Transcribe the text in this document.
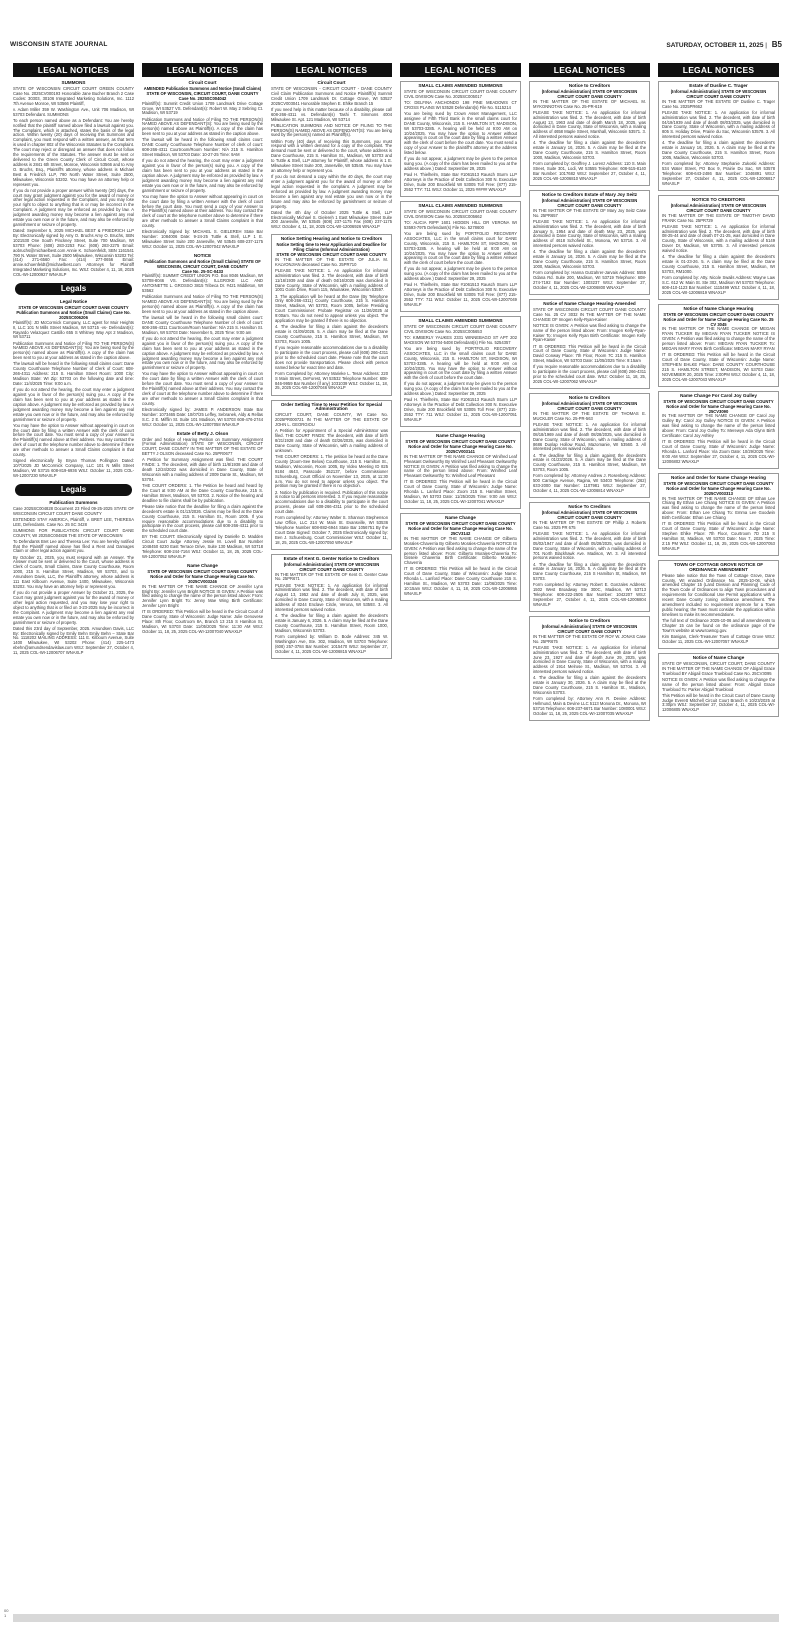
WISCONSIN STATE JOURNAL	SATURDAY, OCTOBER 11, 2025 | B5
LEGAL NOTICES
SUMMONS

STATE OF WISCONSIN CIRCUIT COURT GREEN COUNTY Case No. 2025CV000193 Honorable Jane Bucher Branch 2 Case Codes: 30303, 30106 Integrated Marketing Solutions, Inc. 1112 7th Avenue Monroe, WI 53566 Plaintiff,

v. Adam Miller 359 W. Washington Ave., Unit 706 Madison, WI 53703 Defendant. SUMMONS

To each person named above as a Defendant: You are hereby notified that the plaintiff named above filed a lawsuit against you. The Complaint, which is attached, states the basis of the legal action. Within twenty (20) days of receiving this Summons and Complaint, you must respond with a written answer, as that term is used in chapter 802 of the Wisconsin Statutes to the Complaint. The court may reject or disregard an answer that does not follow the requirements of the Statutes. The answer must be sent or delivered to the Green County Clerk of Circuit Court, whose address is 2841 6th Street, Monroe, Wisconsin 53566 and to Amy O. Bruchs, Esq., Plaintiff's attorney, whose address is Michael Best & Friedrich LLP, 790 North Water Street, Suite 2500, Milwaukee, Wisconsin 53202. You may have an attorney help or represent you.

If you do not provide a proper answer within twenty (20) days, the court may grant judgment against you for the award of money or other legal action requested in the Complaint, and you may lose your right to object to anything that is or may be incorrect in the Complaint. A judgment may be enforced as provided by law. A judgment awarding money may become a lien against any real estate you own now or in the future, and may also be enforced by garnishment or seizure of property.

Dated: September 5, 2025 MICHAEL BEST & FRIEDRICH LLP By: Electronically signed by Amy O. Bruchs Amy O. Bruchs, SBN 1021530 One South Pinckney Street, Suite 700 Madison, WI 53703 Phone: (608) 283-2253 Fax: (608) 283-2275 Email: aobruchs@michaelbest.com Annie K. Schoenfeldt, SBN 1161541 790 N. Water Street, Suite 2500 Milwaukee, Wisconsin 53202 Tel: (414) 271-6560 Fax: (414) 277-0656 Email: annie.schoenfeldt@michaelbest.com Attorneys for Plaintiff Integrated Marketing Solutions, Inc. WSJ: October 4, 11, 18, 2025 COL-WI-12000927 WNAXLP

Legals
Legal Notice
STATE OF WISCONSIN CIRCUIT COURT DANE COUNTY
Publication Summons and Notice (Small Claims) Case No. 2025SC006206

Plaintiff(s): JD McCormick Company, LLC agent for Muir Heights II, LLC 101 N Mills Street Madison, WI 53715 -vs- Defendant(s): Rayardo Velazquez Castillo 655 S Whitney Way Apt 2 Madison, WI 53711

Publication Summons and Notice of Filing TO THE PERSON(S) NAMED ABOVE AS DEFENDANT(S): You are being sued by the person(s) named above as Plaintiff(s). A copy of the claim has been sent to you at your address as stated in the caption above.

The lawsuit will be heard in the following small claims court: Dane County Courthouse Telephone Number of Clerk of Court: 608-266-4311 Address: 215 S. Hamilton Street Room: 1000 City: Madison State: WI Zip: 53703 on the following date and time: Date: 11/4/2025 Time: 9:00 a.m.

If you do not attend the hearing, the court may enter a judgment against you in favor of the person(s) suing you. A copy of the claim has been sent to you at your address as stated in the caption above. A judgment may be enforced as provided by law. A judgment awarding money may become a lien against any real estate you own now or in the future, and may also be enforced by garnishment or seizure of property.

You may have the option to Answer without appearing in court on the court date by filing a written Answer with the clerk of court before the court date. You must send a copy of your Answer to the Plaintiff(s) named above at their address. You may contact the clerk of court at the telephone number above to determine if there are other methods to answer a Small Claims complaint in that county.

Signed electronically by Bryan Thomas Pollington Dated: 10/7/2025 JD McCormick Company, LLC 101 N Mills Street Madison, WI 53715 608-819-6936 WSJ: October 11, 2025 COL-WI-12007230 WNAXLP

Legals
Publication Summons

Case 2025SC004828 Document 23 Filed 09-25-2025 STATE OF WISCONSIN CIRCUIT COURT DANE COUNTY

EXTENDED STAY AMERICA, Plaintiff, v. BRET LEE, THERESA LEE, Defendants. Case No. 25 SC 3428

SUMMONS FOR PUBLICATION CIRCUIT COURT DANE COUNTY, WI 2025SC004828 THE STATE OF WISCONSIN

To Defendants Bret Lee and Theresa Lee: You are hereby notified that the Plaintiff named above has filed a Rent and Damages Claim or other legal action against you.

By October 21, 2025, you must respond with an Answer. The Answer must be sent or delivered to the Court, whose address is Clerk of Courts, Small Claims, Dane County Courthouse, Room 1000, 215 S. Hamilton Street, Madison, WI 53703, and to Amundsen Davis, LLC, the Plaintiff's attorney, whose address is 111 East Kilbourn Avenue, Suite 1400, Milwaukee, Wisconsin 53202. You may have an attorney help or represent you.

If you do not provide a proper Answer by October 21, 2025, the Court may grant judgment against you for the award of money or other legal action requested, and you may lose your right to object to anything that is or filed on 3-23-2025 may be incorrect in the Complaint. A judgment may become a lien against any real estate you own now or in the future, and may also be enforced by garnishment or seizure of property.

Dated this 23rd day of September, 2025. Amundsen Davis, LLC By: Electronically signed by Emily Behn Emily Behn – State Bar No. 1118202 MAILING ADDRESS: 111 E. Kilbourn Avenue, Suite 1400 Milwaukee, WI 53202 Phone: (414) 225-1473 ebehn@amundsendavislaw.com WSJ: September 27, October 4, 11, 2025 COL-WI-12006707 WNAXLP

LEGAL NOTICES
Circuit Court
AMENDED Publication Summons and Notice (Small Claims) STATE OF WISCONSIN, CIRCUIT COURT, DANE COUNTY
Case No. 2025SC004042

Plaintiff(s): Summit Credit Union 1709 Landmark Drive Cottage Grove, WI 53527 VS. Defendant(s): Robert W. May 2 Sebring Ct. Madison, WI 53719

Publication Summons and Notice of Filing TO THE PERSON(S) NAMED ABOVE AS DEFENDANT(S): You are being sued by the person(s) named above as Plaintiff(s). A copy of the claim has been sent to you at your address as stated in the caption above.

The lawsuit will be heard in the following small claims court: DANE County Courthouse Telephone Number of clerk of court: 608-266-4311 Courtroom/Room Number: N/A 215 S. Hamilton Street Madison, WI 53703 Date: 10-27-25 Time: 9AM

If you do not attend the hearing, the court may enter a judgment against you in favor of the person(s) suing you. A copy of the claim has been sent to you at your address as stated in the caption above. A judgment may be enforced as provided by law. A judgment awarding money may become a lien against any real estate you own now or in the future, and may also be enforced by garnishment or seizure of property.

You may have the option to Answer without appearing in court on the court date by filing a written Answer with the clerk of court before the court date. You must send a copy of your Answer to the Plaintiff(s) named above at their address. You may contact the clerk of court at the telephone number above to determine if there are other methods to answer a Small Claims complaint in that county.

Electronically Signed by: MICHAEL S. GIELEREH State Bar Number: 1084006 Date: 9-24-25 Tuttle & Stell, LLP 1 E. Milwaukee Street Suite 200 Janesville, WI 53545 608-237-1175 WSJ: October 11, 2025 COL-WI-12007042 WNAXLP

NOTICE
Publication Summons and Notice (Small Claims) STATE OF WISCONSIN, CIRCUIT COURT, DANE COUNTY
Case No. 25-SC-0433

Plaintiff(s): SUMMIT CREDIT UNION P.O. Box 8046 Madison, WI 53708-8046 VS. Defendant(s): ILLGROKE LLC AND ANTOINETTE L. GROSSO 3815 Tribeca Dr. #421 Middleton, WI 53562

Publication Summons and Notice of Filing TO THE PERSON(S) NAMED ABOVE AS DEFENDANT(S): You are being sued by the person(s) named above as Plaintiff(s). A copy of the claim has been sent to you at your address as stated in the caption above.

The lawsuit will be heard in the following small claims court: DANE County Courthouse Telephone Number of clerk of court: 608-266-4311 Courtroom/Room Number: N/A 215 S. Hamilton St. Madison, WI 53703 Date: November 5, 2025 Time: 9:00 am

If you do not attend the hearing, the court may enter a judgment against you in favor of the person(s) suing you. A copy of the claim has been sent to you at your address as stated in the caption above. A judgment may be enforced as provided by law. A judgment awarding money may become a lien against any real estate you own now or in the future, and may also be enforced by garnishment or seizure of property.

You may have the option to Answer without appearing in court on the court date by filing a written Answer with the clerk of court before the court date. You must send a copy of your Answer to the Plaintiff(s) named above at their address. You may contact the clerk of court at the telephone number above to determine if there are other methods to answer a Small Claims complaint in that county.

Electronically signed by: JAMES P. ANDERSON State Bar Number: 1073465 Date: 10/07/25 Leffey, Sebranek, Aldy & Rellas S.C. 2 E. Mifflin St. Suite 101 Madison, WI 53703 608-476-2744 WSJ: October 11, 2025 COL-WI-12007058 WNAXLP

Estate of Betty J. Olson

Order and Notice of Hearing Petition on Summary Assignment (Formal Administration) STATE OF WISCONSIN, CIRCUIT COURT, DANE COUNTY IN THE MATTER OF THE ESTATE OF BETTY J OLSON deceased Case No. 25PR0677

A Petition for Summary Assignment was filed. THE COURT FINDS: 1. The decedent, with date of birth 11/8/1938 and date of death 12/24/2022 was domiciled in Dane County, State of Wisconsin with a mailing address of 2009 Dante St., Madison, WI 53704.

THE COURT ORDERS: 1. The Petition be heard and heard by the Court at 9:00 AM at the Dane County Courthouse, 215 S. Hamilton Street, Madison, WI 53703. 2. Notice of the hearing and deadline to file claims shall be by publication.

Please take notice that the deadline for filing a claim against the decedent's estate is 01/13/2026. Claims may be filed at the Dane County Courthouse, 215 S. Hamilton St., Room 1005. If you require reasonable accommodations due to a disability to participate in the court process, please call 608-266-4311 prior to the scheduled court date.

BY THE COURT: Electronically signed by Danielle D. Madden Circuit Court Judge Attorney Jessie M. Lovell Bar Number 1048450 6230 East Terrace Drive, Suite 130 Madison, WI 53718 Telephone: 608-244-7164 WSJ: October 11, 18, 25, 2025 COL-WI-12007052 WNAXLP

Name Change
STATE OF WISCONSIN CIRCUIT COURT DANE COUNTY Notice and Order for Name Change Hearing Case No. 2025CV003246

IN THE MATTER OF THE NAME CHANGE OF Jennifer Lynn Bright By: Jennifer Lynn Bright NOTICE IS GIVEN: A Petition was filed asking to change the name of the person listed above: From: Jennifer Lynn Bright To: Jenny Mae Wing Birth Certificate: Jennifer Lynn Bright

IT IS ORDERED: This Petition will be heard in the Circuit Court of Dane County, State of Wisconsin: Judge Name: Julie Genovese Place: 8th Floor, Courtroom 8A, Branch 13 215 S Hamilton St, Madison, WI 53703 Date: 11/05/2025 Time: 11:30 AM WSJ: October 11, 18, 25, 2025 COL-WI-12007040 WNAXLP

LEGAL NOTICES
Circuit Court

STATE OF WISCONSIN - CIRCUIT COURT - DANE COUNTY Civil Claim Publication Summons and Notice Plaintiff(s) Summit Credit Union 1709 Landmark Dr. Cottage Grove, WI 53527 2025CV003041 Honorable Stephen E. Ehlke Branch 15

If you need help in this matter because of a disability, please call 608-266-4311 vs. Defendant(s) Tashi T. Simmons 4004 Milwaukee St. Apt. 121 Madison, WI 53714

PUBLICATION SUMMONS AND NOTICE OF FILING TO THE PERSON(S) NAMED ABOVE AS DEFENDANT(S): You are being sued by the person(s) named as Plaintiff(s).

Within Forty (40) days of receiving this Summons, you must respond with a written demand for a copy of the complaint. The demand must be sent or delivered to the court, whose address is Dane Courthouse, 215 S. Hamilton St., Madison, WI 53703 and to Tuttle & Stell, LLP attorney for Plaintiff, whose address is 1 E. Milwaukee Street Suite 200, Janesville, WI 53545. You may have an attorney help or represent you.

If you do not demand a copy within the 40 days, the court may enter a judgment against you for the award of money or other legal action requested in the complaint. A judgment may be enforced as provided by law. A judgment awarding money may become a lien against any real estate you own now or in the future and may also be enforced by garnishment or seizure of property.

Dated the 4th day of October 2025 Tuttle & Stell, LLP Electronically Michael S. Gielereh 1 East Milwaukee Street Suite 200 Janesville, WI 53545 (608) 237-1175 Fax (608) 237-1175 WSJ: October 4, 11, 18, 2025 COL-WI-12006926 WNAXLP

Notice Setting Hearing and Notice to Creditors
Notice Setting time to Hear Application and Deadline for Filing Claims (Informal Administration)
STATE OF WISCONSIN CIRCUIT COURT DANE COUNTY

IN THE MATTER OF THE ESTATE OF JULIA M. KALVONJIAN deceased Case No. 25PR710

PLEASE TAKE NOTICE: 1. An application for informal administration was filed. 2. The decedent, with date of birth 11/16/1939 and date of death 04/16/2025 was domiciled in Dane County, State of Wisconsin, with a mailing address of 1001 Gorin Drive, Room 115, Waunakee, Wisconsin 53597.

3. The application will be heard at the Dane (By Telephone Only 608-266-4311) County Courthouse, 215 S. Hamilton Street, Madison, WI 53703, Room 1005, before Presiding Court Commissioner: Probate Registrar on 11/26/2025 at 9:00am. You do not need to appear unless you object. The application may be granted if there is no objection.

4. The deadline for filing a claim against the decedent's estate is 01/09/2026. 5. A claim may be filed at the Dane County Courthouse, 215 S. Hamilton Street, Madison, WI 53703, Room 1005.

If you require reasonable accommodations due to a disability to participate in the court process, please call (608) 266-4311 prior to the scheduled court date. Please note that the court does not provide transportation. Please check with person named below for exact time and date.

Form Completed by: Attorney Marieke L. Tesar Address: 220 S Main Street, DeForest, WI 53532 Telephone Number: 608-846-9959 Bar Number (if any) 1031039 WSJ: October 11, 18, 25, 2025 COL-WI-12007046 WNAXLP

Order Setting Time to Hear Petition for Special Administration

CIRCUIT COURT, DANE COUNTY, WI Case No. 2025PR000721 IN THE MATTER OF THE ESTATE OF JOHN L. GEORGIOU

A Petition for Appointment of a Special Administrator was filed. THE COURT FINDS: The decedent, with date of birth 8/21/1928 and date of death 02/26/2025, was domiciled in Dane County, State of Wisconsin, with a mailing address of unknown.

THE COURT ORDERS: 1. The petition be heard at the Dane County (Zoom-See Below) Courthouse, 215 S. Hamilton St., Madison, Wisconsin, Room 1005, By Video Meeting ID 825 9184 4643, Passcode 352137, before Commissioner Schuenburg, Court Official on November 13, 2025, at 11:30 a.m. You do not need to appear unless you object. The petition may be granted if there is no objection.

2. Notice by publication is required. Publication of this notice is notice to all persons interested. 3. If you require reasonable accommodations due to a disability to participate in the court process, please call 608-266-4311 prior to the scheduled court date.

Form completed by: Attorney Walter S. Shannon Stephenson Law Office, LLC 214 W. Main St. Evansville, WI 53536 Telephone Number 608-882-6944 State Bar 1056751 By the Court Date Signed: October 7, 2025 Electronically signed by: Ben J. Schuenburg, Court Commissioner WSJ: October 11, 18, 25, 2025 COL-WI-12007050 WNAXLP

Estate of Kent G. Genter Notice to Creditors
(Informal Administration) STATE OF WISCONSIN CIRCUIT COURT DANE COUNTY

IN THE MATTER OF THE ESTATE OF Kent G. Genter Case No. 25PR671

PLEASE TAKE NOTICE: 1. An application for informal administration was filed. 2. The decedent, with date of birth August 13, 1952 and date of death July 8, 2025, was domiciled in Dane County, State of Wisconsin, with a mailing address of 8244 Enclave Circle, Verona, WI 53593. 3. All interested persons waived notice.

4. The deadline for filing a claim against the decedent's estate is January 6, 2026. 5. A claim may be filed at the Dane County Courthouse, 215 S. Hamilton Street, Room 1000, Madison, Wisconsin 53703.

Form completed by: William D. Bode Address: 345 W. Washington Ave, Ste. 302, Madison, WI 53703 Telephone: (608) 257-3784 Bar Number: 1015470 WSJ: September 27, October 4, 11, 2025 COL-WI-12006815 WNAXLP

LEGAL NOTICES
SMALL CLAIMS AMENDED SUMMONS

STATE OF WISCONSIN CIRCUIT COURT DANE COUNTY CIVIL DIVISION Case No. 2025SC005017

TO: DELFINA ANCHONDO 198 PINE MEADOWS CT CROSS PLAINS WI 53528 Defendant(s) File No. 5115214

You are being sued by Crown Asset Management, LLC assignee of Fifth Third Bank in the small claims court for DANE County, Wisconsin, 215 S. HAMILTON ST, MADISON, WI 53703-3285. A hearing will be held at 9:00 AM on 10/24/2025. You may have the option to Answer without appearing in court on the court date by filing a written Answer with the clerk of court before the court date. You must send a copy of your Answer to the plaintiff's attorney at the address listed below.

If you do not appear, a judgment may be given to the person suing you. (A copy of the claim has been mailed to you at the address above.) Dated: September 29, 2025

Paul H. Thielhelm, State Bar #1061513 Rausch Sturm LLP Attorneys in the Practice of Debt Collection 300 N. Executive Drive, Suite 200 Brookfield WI 53005 Toll Free: (877) 215-2552 TTY: 711 WSJ: October 11, 2025 ##### WNAXLP

SMALL CLAIMS AMENDED SUMMONS

STATE OF WISCONSIN CIRCUIT COURT DANE COUNTY CIVIL DIVISION Case No. 2025SC005662

TO: ALICIA RIPP 1601 HIDDEN HILL DR VERONA WI 53593-7975 Defendant(s) File No. 5278600

You are being sued by PORTFOLIO RECOVERY ASSOCIATES, LLC in the small claims court for DANE County, Wisconsin, 215 S. HAMILTON ST, MADISON, WI 53703-3285. A hearing will be held at 9:00 AM on 10/24/2025. You may have the option to Answer without appearing in court on the court date by filing a written Answer with the clerk of court before the court date.

If you do not appear, a judgment may be given to the person suing you. (A copy of the claim has been mailed to you at the address above.) Dated: September 29, 2025

Paul H. Thielhelm, State Bar #1061513 Rausch Sturm LLP Attorneys in the Practice of Debt Collection 300 N. Executive Drive, Suite 200 Brookfield WI 53005 Toll Free: (877) 215-2552 TTY: 711 WSJ: October 11, 2025 COL-WI-12007049 WNAXLP

SMALL CLAIMS AMENDED SUMMONS

STATE OF WISCONSIN CIRCUIT COURT DANE COUNTY CIVIL DIVISION Case No. 2025SC005653

TO: KIMBERLY YAUKES 2331 WINNEBAGO ST APT 202 MADISON WI 53704-5408 Defendant(s) File No. 5254357

You are being sued by PORTFOLIO RECOVERY ASSOCIATES, LLC in the small claims court for DANE County, Wisconsin, 215 S. HAMILTON ST, MADISON, WI 53703-3285. A hearing will be held at 9:00 AM on 10/24/2025. You may have the option to Answer without appearing in court on the court date by filing a written Answer with the clerk of court before the court date.

If you do not appear, a judgment may be given to the person suing you. (A copy of the claim has been mailed to you at the address above.) Dated: September 29, 2025

Paul H. Thielhelm, State Bar #1061513 Rausch Sturm LLP Attorneys in the Practice of Debt Collection 300 N. Executive Drive, Suite 200 Brookfield WI 53005 Toll Free: (877) 215-2552 TTY: 711 WSJ: October 11, 2025 COL-WI-12007051 WNAXLP

Name Change Hearing
STATE OF WISCONSIN CIRCUIT COURT DANE COUNTY Notice and Order for Name Change Hearing Case No. 2025CV003141

IN THE MATTER OF THE NAME CHANGE OF Winifred Leaf Pheasant Owlsworthy By Winifred Leaf Pheasant Owlsworthy NOTICE IS GIVEN: A Petition was filed asking to change the name of the person listed above: From: Winifred Leaf Pheasant Owlsworthy To: Winifred Leaf Pheasant

IT IS ORDERED: This Petition will be heard in the Circuit Court of Dane County, State of Wisconsin: Judge Name: Rhonda L. Lanford Place: Zoom 215 S. Hamilton Street, Madison, WI 53703 Date: 11/25/2025 Time: 9:00 am WSJ: October 11, 18, 25, 2025 COL-WI-12007041 WNAXLP

Name Change
STATE OF WISCONSIN CIRCUIT COURT DANE COUNTY Notice and Order for Name Change Hearing Case No. 25CV3142

IN THE MATTER OF THE NAME CHANGE OF Gilberto Morales-Chaverria By Gilberto Morales-Chaverria NOTICE IS GIVEN: A Petition was filed asking to change the name of the person listed above: From: Gilberto Morales-Chaverria To: Gissele Chaverria Birth Certificate: Gilberto Morales-Chaverria

IT IS ORDERED: This Petition will be heard in the Circuit Court of Dane County, State of Wisconsin: Judge Name: Rhonda L. Lanford Place: Dane County Courthouse 215 S. Hamilton St., Madison, WI 53703 Date: 11/06/2025 Time: 10:15am WSJ: October 4, 11, 18, 2025 COL-WI-12006955 WNAXLP

LEGAL NOTICES
Notice to Creditors
(Informal Administration) STATE OF WISCONSIN CIRCUIT COURT DANE COUNTY

IN THE MATTER OF THE ESTATE OF MICHAEL M. MYKONNOTAN Case No. 25-PR-619

PLEASE TAKE NOTICE: 1. An application for informal administration was filed. 2. The decedent, with date of birth August 13, 1963 and date of death March 18, 2025, was domiciled in Dane County, State of Wisconsin, with a mailing address of 4658 Maple Street, Marshall, Wisconsin 53571. 3. All interested persons waived notice.

4. The deadline for filing a claim against the decedent's estate is January 16, 2026. 5. A claim may be filed at the Dane County Courthouse, 215 S. Hamilton Street, Room 1000, Madison, Wisconsin 53703.

Form completed by: Geoffrey J. Lorenz Address: 110 S. Main Street, Suite 301, Lodi, WI 53555 Telephone: 608-515-8140 Bar Number: 1017682 WSJ: September 27, October 4, 11, 2025 COL-WI-12006810 WNAXLP

Notice to Creditors Estate of Mary Joy Seitz
(Informal Administration) STATE OF WISCONSIN CIRCUIT COURT DANE COUNTY

IN THE MATTER OF THE ESTATE OF Mary Joy Seitz Case No. 25PR657

PLEASE TAKE NOTICE: 1. An application for informal administration was filed. 2. The decedent, with date of birth January 5, 1954 and date of death May 23, 2025, was domiciled in Dane County, State of Wisconsin, with a mailing address of 4618 Schofield St., Monona, WI 53716. 3. All interested persons waived notice.

4. The deadline for filing a claim against the decedent's estate is January 16, 2026. 5. A claim may be filed at the Dane County Courthouse, 215 S. Hamilton Street, Room 1000, Madison, Wisconsin 53703.

Form completed by: Hanna Gutzahrer-Jarvais Address: 5555 Odana Rd. Suite 200, Madison, WI 53719 Telephone: 608-274-7192 Bar Number: 1003237 WSJ: September 27, October 4, 11, 2025 COL-WI-12006800 WNAXLP

Notice of Name Change Hearing-Amended

STATE OF WISCONSIN CIRCUIT COURT DANE COUNTY Case No. 25 CV 3032 IN THE MATTER OF THE NAME CHANGE OF Imogen Kelly-Ryan-Kaiser

NOTICE IS GIVEN: A Petition was filed asking to change the name of the person listed above: From: Imogen Kelly-Ryan-Kaiser To: Imogen Kelly Ryan Birth Certificate: Imogen Kelly Ryan-Kaiser

IT IS ORDERED: This Petition will be heard in the Circuit Court of Dane County, State of Wisconsin: Judge Name: David Conway Place: 7th Floor, Room 7C 215 S. Hamilton Street, Madison, WI 53703 Date: 11/05/2025 Time: 9:15am

If you require reasonable accommodations due to a disability to participate in the court process, please call (608) 266-4311 prior to the scheduled court date. WSJ: October 11, 18, 25, 2025 COL-WI-12007062 WNAXLP

Notice to Creditors
(Informal Administration) STATE OF WISCONSIN CIRCUIT COURT DANE COUNTY

IN THE MATTER OF THE ESTATE OF THOMAS E. MUCKLER Case No. 25-PR-563

PLEASE TAKE NOTICE: 1. An application for informal administration was filed. 2. The decedent, with date of birth 08/18/1969 and date of death 08/28/2025, was domiciled in Dane County, State of Wisconsin, with a mailing address of 8686 Dunlap Hollow Road, Mazomanie, WI 53560. 3. All interested persons waived notice.

4. The deadline for filing a claim against the decedent's estate is 01/23/2026. 5. A claim may be filed at the Dane County Courthouse, 215 S. Hamilton Street, Madison, WI 53703, Room 1005.

Form completed by: Attorney Andrew J. Rosenberg Address: 500 Carriage Avenue, Ragina, WI 53403 Telephone: (262) 633-2000 Bar Number: 1107981 WSJ: September 27, October 4, 11, 2025 COL-WI-12006814 WNAXLP

Notice To Creditors
(Informal Administration) STATE OF WISCONSIN CIRCUIT COURT DANE COUNTY

IN THE MATTER OF THE ESTATE OF Phillip J. Roberts Case No. 2025 PR 675

PLEASE TAKE NOTICE: 1. An application for informal administration was filed. 2. The decedent, with date of birth 05/02/1947 and date of death 05/28/2025, was domiciled in Dane County, State of Wisconsin, with a mailing address of 701 North Blackhawk Ave. Madison, WI. 3. All interested persons waived notice.

4. The deadline for filing a claim against the decedent's estate is January 16, 2026. 5. A claim may be filed at the Dane County Courthouse, 215 S Hamilton St, Madison, WI 53703.

Form completed by: Attorney Robert E. Gonzales Address: 1502 West Broadway Ste 300C, Madison, WI 53713 Telephone: 608-222-2505 Bar Number: 1042207 WSJ: September 27, October 4, 11, 2025 COL-WI-12006804 WNAXLP

Notice to Creditors
(Informal Administration) STATE OF WISCONSIN CIRCUIT COURT DANE COUNTY

IN THE MATTER OF THE ESTATE OF ROY W. JONAS Case No. 25PR675

PLEASE TAKE NOTICE: 1. An application for informal administration was filed. 2. The decedent, with date of birth June 23, 1927 and date of death June 29, 2025, was domiciled in Dane County, State of Wisconsin, with a mailing address of 1914 Melrose St., Madison, WI 53704. 3. All interested persons waived notice.

4. The deadline for filing a claim against the decedent's estate is January 30, 2026. 5. A claim may be filed at the Dane County Courthouse, 215 S. Hamilton St., Madison, Wisconsin 53703.

Form completed by: Attorney Ann R. Devine Address: Hellmund, Main & Devine LLC 5113 Monona Dr., Monona, WI 53716 Telephone: 608-237-6671 Bar Number: 1080001 WSJ: October 11, 18, 25, 2025 COL-WI-12007035 WNAXLP

LEGAL NOTICES
Estate of Dusline C. Trager
(Informal Administration) STATE OF WISCONSIN CIRCUIT COURT DANE COUNTY

IN THE MATTER OF THE ESTATE OF Dusline C. Trager Case No. 2025PR662

PLEASE TAKE NOTICE: 1. An application for informal administration was filed. 2. The decedent, with date of birth 04/19/1939 and date of death 08/03/2025, was domiciled in Dane County, State of Wisconsin, with a mailing address of 805 S. Holiday Drive, Prairie du Sac, Wisconsin 53578. 3. All interested persons waived notice.

4. The deadline for filing a claim against the decedent's estate is January 16, 2026. 5. A claim may be filed at the Dane County Courthouse, 215 S. Hamilton Street, Room 1005, Madison, Wisconsin 53703.

Form completed by: Attorney Stephanie Zukoski Address: 534 Water Street, PO Box 9, Prairie Du Sac, WI 53578 Telephone: 608-643-2486 Bar Number: 1046891 WSJ: September 27, October 4, 11, 2025 COL-WI-12006817 WNAXLP

NOTICE TO CREDITORS
(Informal Administration) STATE OF WISCONSIN CIRCUIT COURT DANE COUNTY

IN THE MATTER OF THE ESTATE OF TIMOTHY DAVID FRANK Case No. 25PR729

PLEASE TAKE NOTICE: 1. An application for informal administration was filed. 2. The decedent, with date of birth 08-25-44 and date of death 07-21-25, was domiciled in Dane County, State of Wisconsin, with a mailing address of 5149 Dover Dr, Madison, WI 53705. 3. All interested persons waived notice.

4. The deadline for filing a claim against the decedent's estate is 01-23-26. 5. A claim may be filed at the Dane County Courthouse, 215 S. Hamilton Street, Madison, WI 53703, RM1000.

Form completed by: Atty. Nicole Swails Address: Wayne Law S.C. 612 W. Main St. Ste 302, Madison WI 53703 Telephone: 608-410-1123 Bar Number: 1115499 WSJ: October 4, 11, 18, 2025 COL-WI-12006819 WNAXLP

Notice of Name Change Hearing
STATE OF WISCONSIN CIRCUIT COURT DANE COUNTY Notice and Order for Name Change Hearing Case No. 25 CV 3045

IN THE MATTER OF THE NAME CHANGE OF MEGAN RYAN TUCKER By MEGAN RYAN TUCKER NOTICE IS GIVEN: A Petition was filed asking to change the name of the person listed above: From: MEGAN RYAN TUCKER To: MEGAN MARY RYAN Birth Certificate: MEGAN MARY RYAN

IT IS ORDERED: This Petition will be heard in the Circuit Court of Dane County, State of Wisconsin: Judge Name: STEPHEN EHLKE Place: DANE COUNTY COURTHOUSE 215 S. HAMILTON STREET, MADISON, WI 53703 Date: NOVEMBER 20, 2025 Time: 2:00PM WSJ: October 4, 11, 18, 2025 COL-WI-12007043 WNAXLP

Name Change For Carol Joy Gulley
STATE OF WISCONSIN CIRCUIT COURT DANE COUNTY Notice and Order for Name Change Hearing Case No. 25CV3090

IN THE MATTER OF THE NAME CHANGE OF Carol Joy Gulley By: Carol Joy Gulley NOTICE IS GIVEN: A Petition was filed asking to change the name of the person listed above: From: Carol Joy Gulley To: Merewyn Ada Glynn Birth Certificate: Carol Joy Ashley

IT IS ORDERED: This Petition will be heard in the Circuit Court of Dane County, State of Wisconsin: Judge Name: Rhonda L. Lanford Place: Via Zoom Date: 10/29/2025 Time: 9:00 AM WSJ: September 27, October 4, 11, 2025 COL-WI-12006802 WNAXLP

Notice and Order for Name Change Hearing
STATE OF WISCONSIN CIRCUIT COURT DANE COUNTY Notice and Order for Name Change Hearing Case No. 2025CV003313

IN THE MATTER OF THE NAME CHANGE OF Ethan Lee Chiang By Ethan Lee Chiang NOTICE IS GIVEN: A Petition was filed asking to change the name of the person listed above: From: Ethan Lee Chiang To: Emma Lee Goodwin Birth Certificate: Ethan Lee Chiang

IT IS ORDERED: This Petition will be heard in the Circuit Court of Dane County, State of Wisconsin: Judge Name: Stephen Ehlke Place: 7th Floor, Courtroom 7D 215 S Hamilton St, Madison, WI 53703 Date: Nov 7, 2025 Time: 2:15 PM WSJ: October 11, 18, 25, 2025 COL-WI-12007053 WNAXLP

TOWN OF COTTAGE GROVE NOTICE OF ORDINANCE AMENDMENT

Please take notice that the Town of Cottage Grove, Dane County, WI enacted Ordinance No. 2025-10-06, which amended Chapter 15 (Land Division and Planning) Code of the Town Code of Ordinances to align Town procedures and requirements for Conditional Use Permit applications with a recent Dane County zoning ordinance amendment. The amendment included no requirement anymore for a Town public hearing; the Town must consider the application within timelines to make its recommendations.

The full text of Ordinance 2025-10-06 and all amendments to Chapter 15 can be found on the ordinance page of the Town's website at www.towncg.gov.

Kim Banigan, Clerk-Treasurer Town of Cottage Grove WSJ: October 11, 2025 COL-WI-12007057 WNAXLP

Notice of Name Change

STATE OF WISCONSIN, CIRCUIT COURT, DANE COUNTY IN THE MATTER OF THE NAME CHANGE OF Abigail Grace Trueblood BY Abigail Grace Trueblood Case No. 25CV3095

NOTICE IS GIVEN: A Petition was filed asking to change the name of the person listed above: From: Abigail Grace Trueblood To: Parker Abigail Trueblood

This Petition will be heard in the Circuit Court of Dane County Judge Everett Mitchell Circuit Court Branch 6 10/23/2025 at 3:30pm WSJ: September 27, October 4, 11, 2025 COL-WI-12006805 WNAXLP

00
1
